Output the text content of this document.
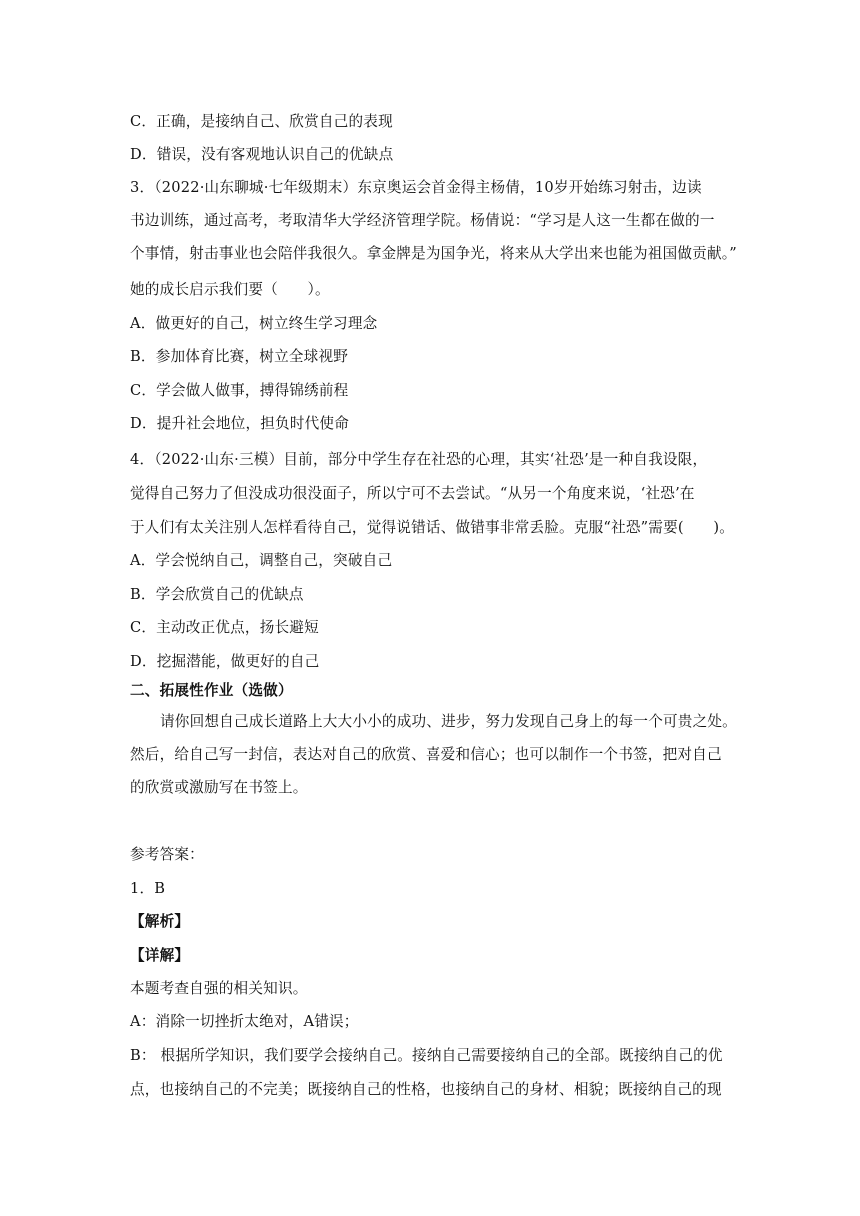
C．正确，是接纳自己、欣赏自己的表现
D．错误，没有客观地认识自己的优缺点
3．（2022·山东聊城·七年级期末）东京奥运会首金得主杨倩，10岁开始练习射击，边读
书边训练，通过高考，考取清华大学经济管理学院。杨倩说：“学习是人这一生都在做的一
个事情，射击事业也会陪伴我很久。拿金牌是为国争光，将来从大学出来也能为祖国做贡献。”
她的成长启示我们要（　　）。
A．做更好的自己，树立终生学习理念
B．参加体育比赛，树立全球视野
C．学会做人做事，搏得锦绣前程
D．提升社会地位，担负时代使命
4．（2022·山东·三模）目前，部分中学生存在社恐的心理，其实‘社恐’是一种自我设限，
觉得自己努力了但没成功很没面子，所以宁可不去尝试。“从另一个角度来说，‘社恐’在
于人们有太关注别人怎样看待自己，觉得说错话、做错事非常丢脸。克服“社恐”需要(　　)。
A．学会悦纳自己，调整自己，突破自己
B．学会欣赏自己的优缺点
C．主动改正优点，扬长避短
D．挖掘潜能，做更好的自己
二、拓展性作业（选做）
请你回想自己成长道路上大大小小的成功、进步，努力发现自己身上的每一个可贵之处。
然后，给自己写一封信，表达对自己的欣赏、喜爱和信心；也可以制作一个书签，把对自己
的欣赏或激励写在书签上。
参考答案：
1．B
【解析】
【详解】
本题考查自强的相关知识。
A：消除一切挫折太绝对，A错误；
B： 根据所学知识，我们要学会接纳自己。接纳自己需要接纳自己的全部。既接纳自己的优
点，也接纳自己的不完美；既接纳自己的性格，也接纳自己的身材、相貌；既接纳自己的现
